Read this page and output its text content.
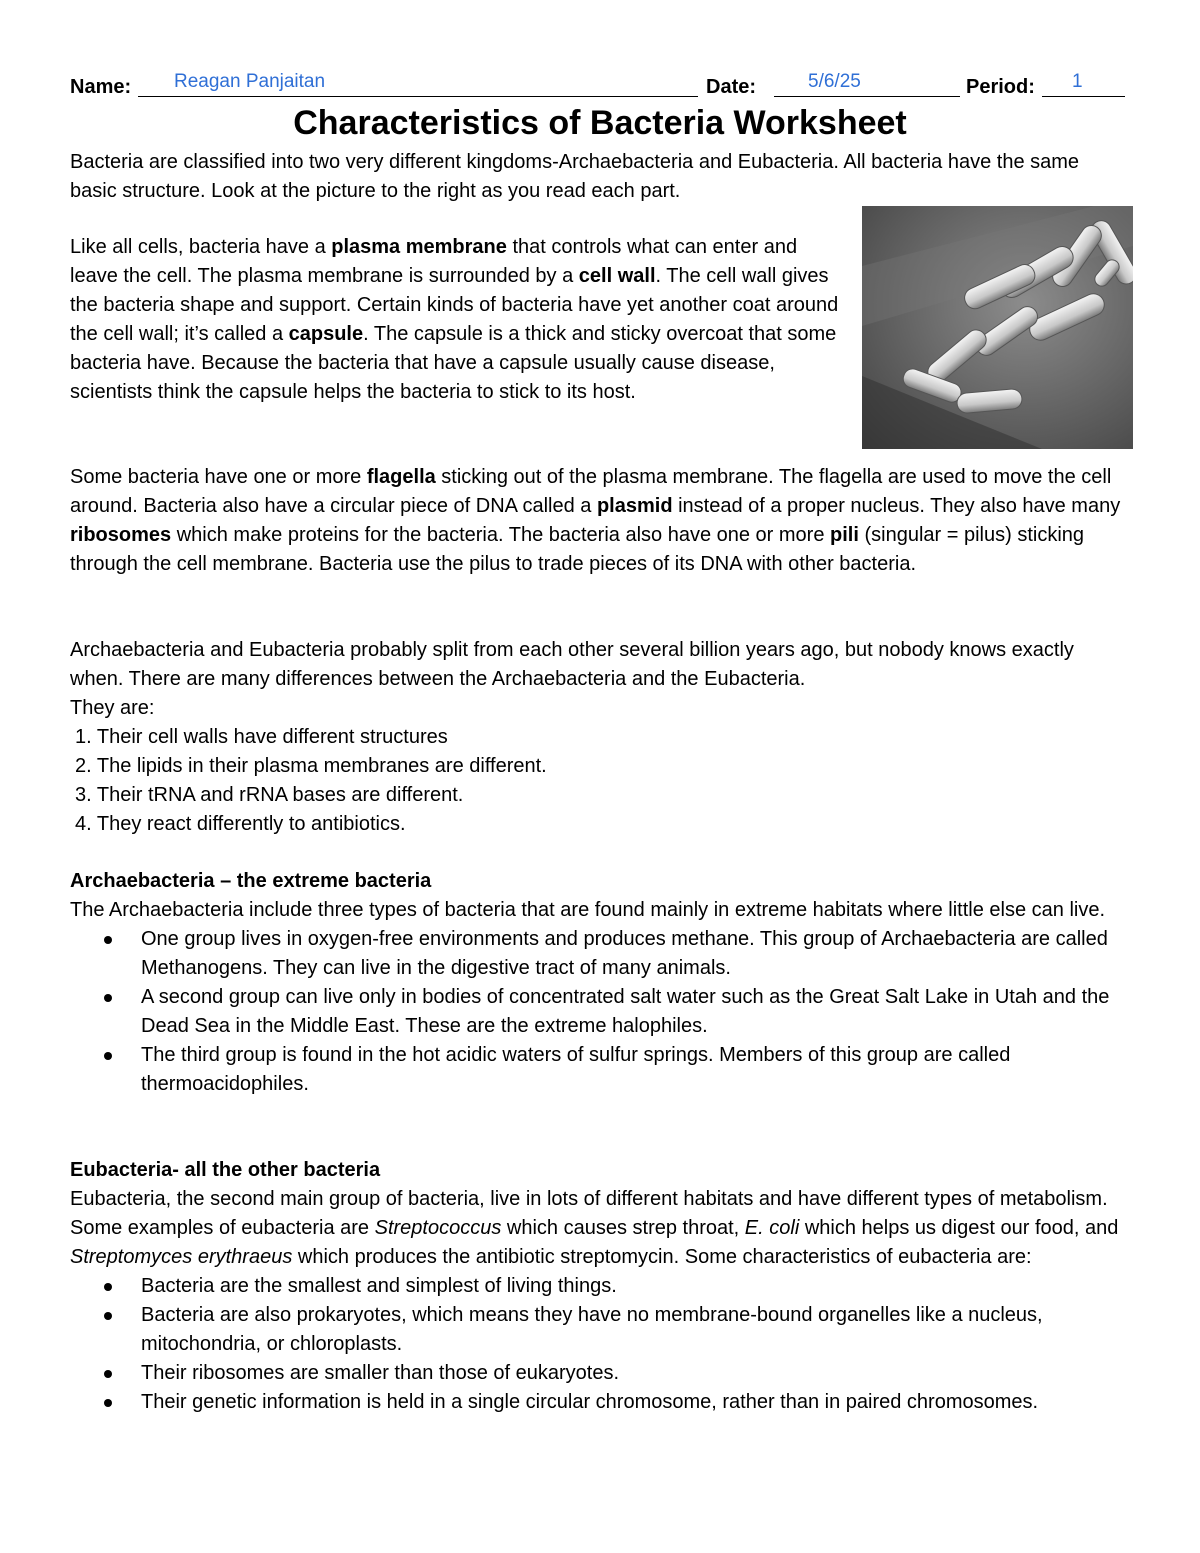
Name: Reagan Panjaitan	Date:	5/6/25	Period: 1
Characteristics of Bacteria Worksheet
Bacteria are classified into two very different kingdoms-Archaebacteria and Eubacteria. All bacteria have the same basic structure. Look at the picture to the right as you read each part.
Like all cells, bacteria have a plasma membrane that controls what can enter and leave the cell. The plasma membrane is surrounded by a cell wall. The cell wall gives the bacteria shape and support. Certain kinds of bacteria have yet another coat around the cell wall; it’s called a capsule. The capsule is a thick and sticky overcoat that some bacteria have. Because the bacteria that have a capsule usually cause disease, scientists think the capsule helps the bacteria to stick to its host.
Some bacteria have one or more flagella sticking out of the plasma membrane. The flagella are used to move the cell around. Bacteria also have a circular piece of DNA called a plasmid instead of a proper nucleus. They also have many ribosomes which make proteins for the bacteria. The bacteria also have one or more pili (singular = pilus) sticking through the cell membrane. Bacteria use the pilus to trade pieces of its DNA with other bacteria.
Archaebacteria and Eubacteria probably split from each other several billion years ago, but nobody knows exactly when. There are many differences between the Archaebacteria and the Eubacteria.
They are:
1. Their cell walls have different structures
2. The lipids in their plasma membranes are different.
3. Their tRNA and rRNA bases are different.
4. They react differently to antibiotics.
Archaebacteria – the extreme bacteria
The Archaebacteria include three types of bacteria that are found mainly in extreme habitats where little else can live.
One group lives in oxygen-free environments and produces methane. This group of Archaebacteria are called Methanogens. They can live in the digestive tract of many animals.
A second group can live only in bodies of concentrated salt water such as the Great Salt Lake in Utah and the Dead Sea in the Middle East. These are the extreme halophiles.
The third group is found in the hot acidic waters of sulfur springs. Members of this group are called thermoacidophiles.
Eubacteria- all the other bacteria
Eubacteria, the second main group of bacteria, live in lots of different habitats and have different types of metabolism. Some examples of eubacteria are Streptococcus which causes strep throat, E. coli which helps us digest our food, and Streptomyces erythraeus which produces the antibiotic streptomycin. Some characteristics of eubacteria are:
Bacteria are the smallest and simplest of living things.
Bacteria are also prokaryotes, which means they have no membrane-bound organelles like a nucleus, mitochondria, or chloroplasts.
Their ribosomes are smaller than those of eukaryotes.
Their genetic information is held in a single circular chromosome, rather than in paired chromosomes.
